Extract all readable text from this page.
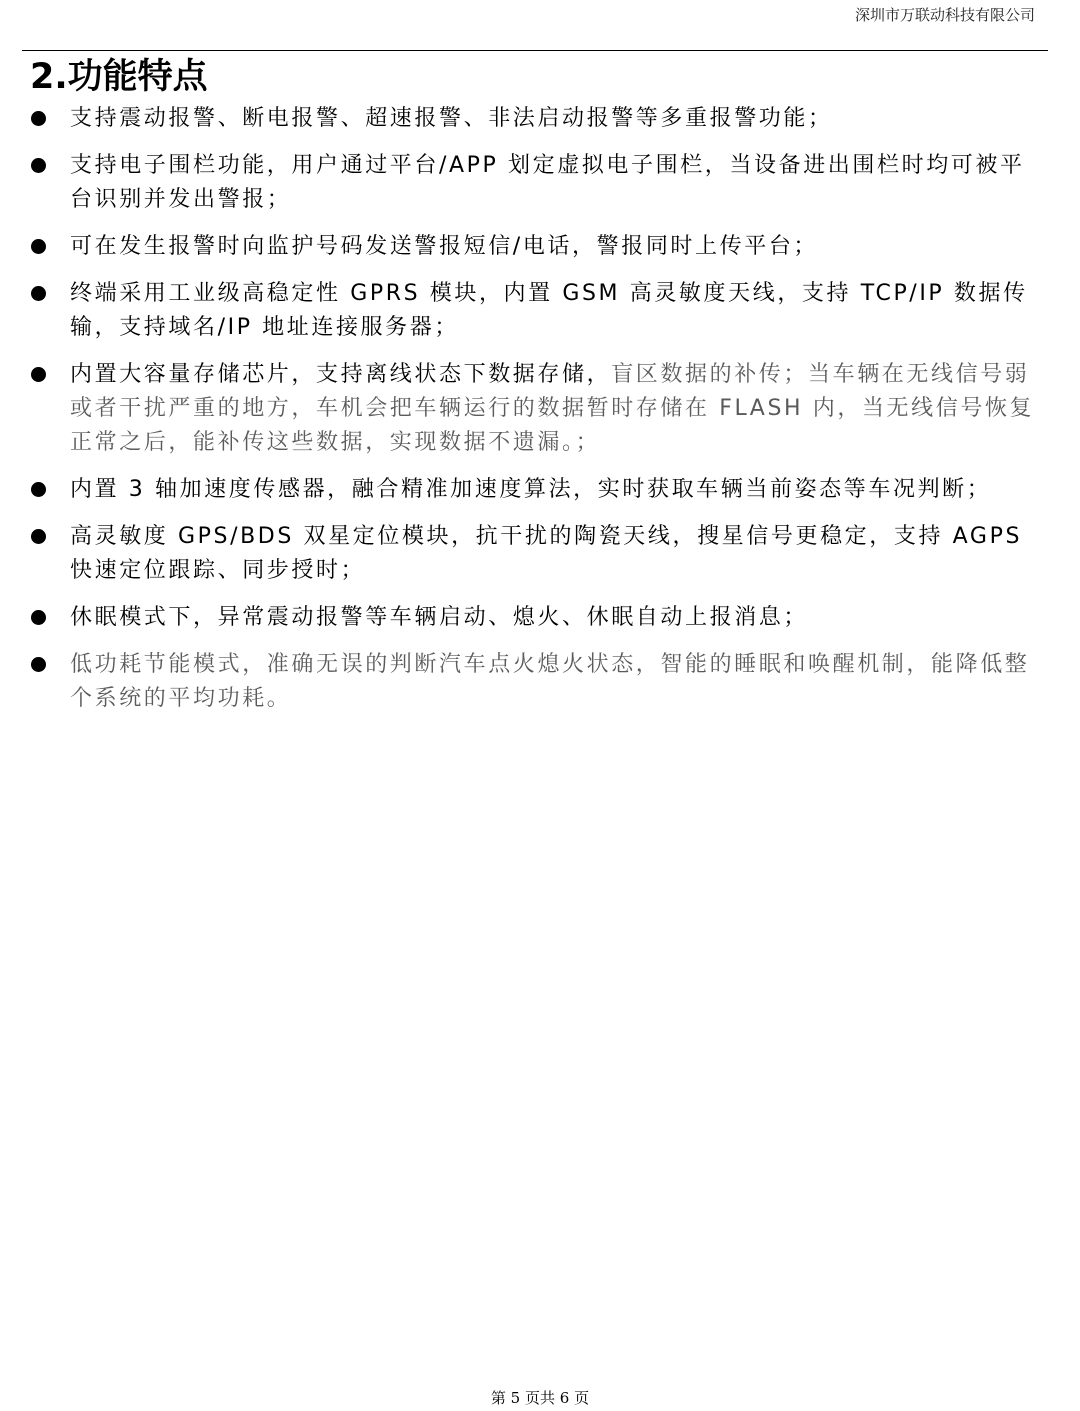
深圳市万联动科技有限公司
2.功能特点
支持震动报警、断电报警、超速报警、非法启动报警等多重报警功能；
支持电子围栏功能，用户通过平台/APP 划定虚拟电子围栏，当设备进出围栏时均可被平台识别并发出警报；
可在发生报警时向监护号码发送警报短信/电话，警报同时上传平台；
终端采用工业级高稳定性 GPRS 模块，内置 GSM 高灵敏度天线，支持 TCP/IP 数据传输，支持域名/IP 地址连接服务器；
内置大容量存储芯片，支持离线状态下数据存储，盲区数据的补传；当车辆在无线信号弱或者干扰严重的地方，车机会把车辆运行的数据暂时存储在 FLASH 内，当无线信号恢复正常之后，能补传这些数据，实现数据不遗漏。；
内置 3 轴加速度传感器，融合精准加速度算法，实时获取车辆当前姿态等车况判断；
高灵敏度 GPS/BDS 双星定位模块，抗干扰的陶瓷天线，搜星信号更稳定，支持 AGPS 快速定位跟踪、同步授时；
休眠模式下，异常震动报警等车辆启动、熄火、休眠自动上报消息；
低功耗节能模式，准确无误的判断汽车点火熄火状态，智能的睡眠和唤醒机制，能降低整个系统的平均功耗。
第 5 页共 6 页
